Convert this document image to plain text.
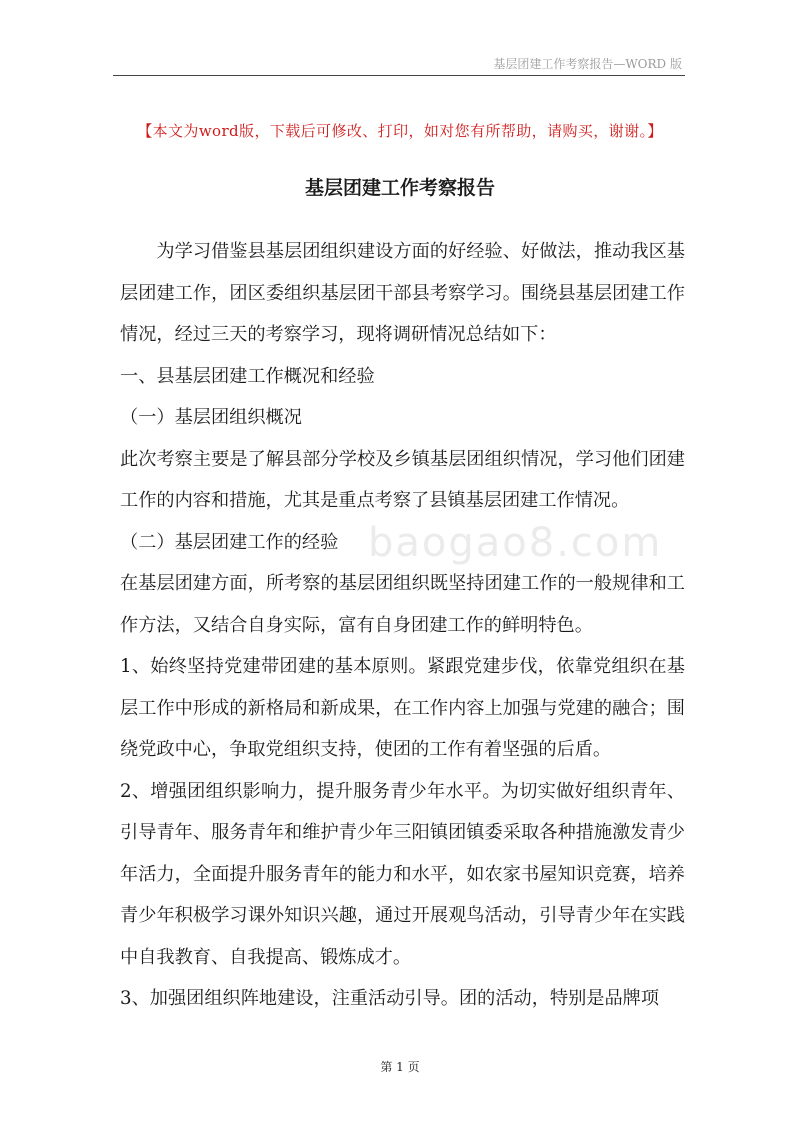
基层团建工作考察报告—WORD 版
【本文为word版，下载后可修改、打印，如对您有所帮助，请购买，谢谢。】
基层团建工作考察报告

为学习借鉴县基层团组织建设方面的好经验、好做法，推动我区基层团建工作，团区委组织基层团干部县考察学习。围绕县基层团建工作情况，经过三天的考察学习，现将调研情况总结如下：

一、县基层团建工作概况和经验

（一）基层团组织概况

此次考察主要是了解县部分学校及乡镇基层团组织情况，学习他们团建工作的内容和措施，尤其是重点考察了县镇基层团建工作情况。

（二）基层团建工作的经验

在基层团建方面，所考察的基层团组织既坚持团建工作的一般规律和工作方法，又结合自身实际，富有自身团建工作的鲜明特色。

1、始终坚持党建带团建的基本原则。紧跟党建步伐，依靠党组织在基层工作中形成的新格局和新成果，在工作内容上加强与党建的融合；围绕党政中心，争取党组织支持，使团的工作有着坚强的后盾。

2、增强团组织影响力，提升服务青少年水平。为切实做好组织青年、引导青年、服务青年和维护青少年三阳镇团镇委采取各种措施激发青少年活力，全面提升服务青年的能力和水平，如农家书屋知识竞赛，培养青少年积极学习课外知识兴趣，通过开展观鸟活动，引导青少年在实践中自我教育、自我提高、锻炼成才。

3、加强团组织阵地建设，注重活动引导。团的活动，特别是品牌项

baogao8.com
第 1 页
